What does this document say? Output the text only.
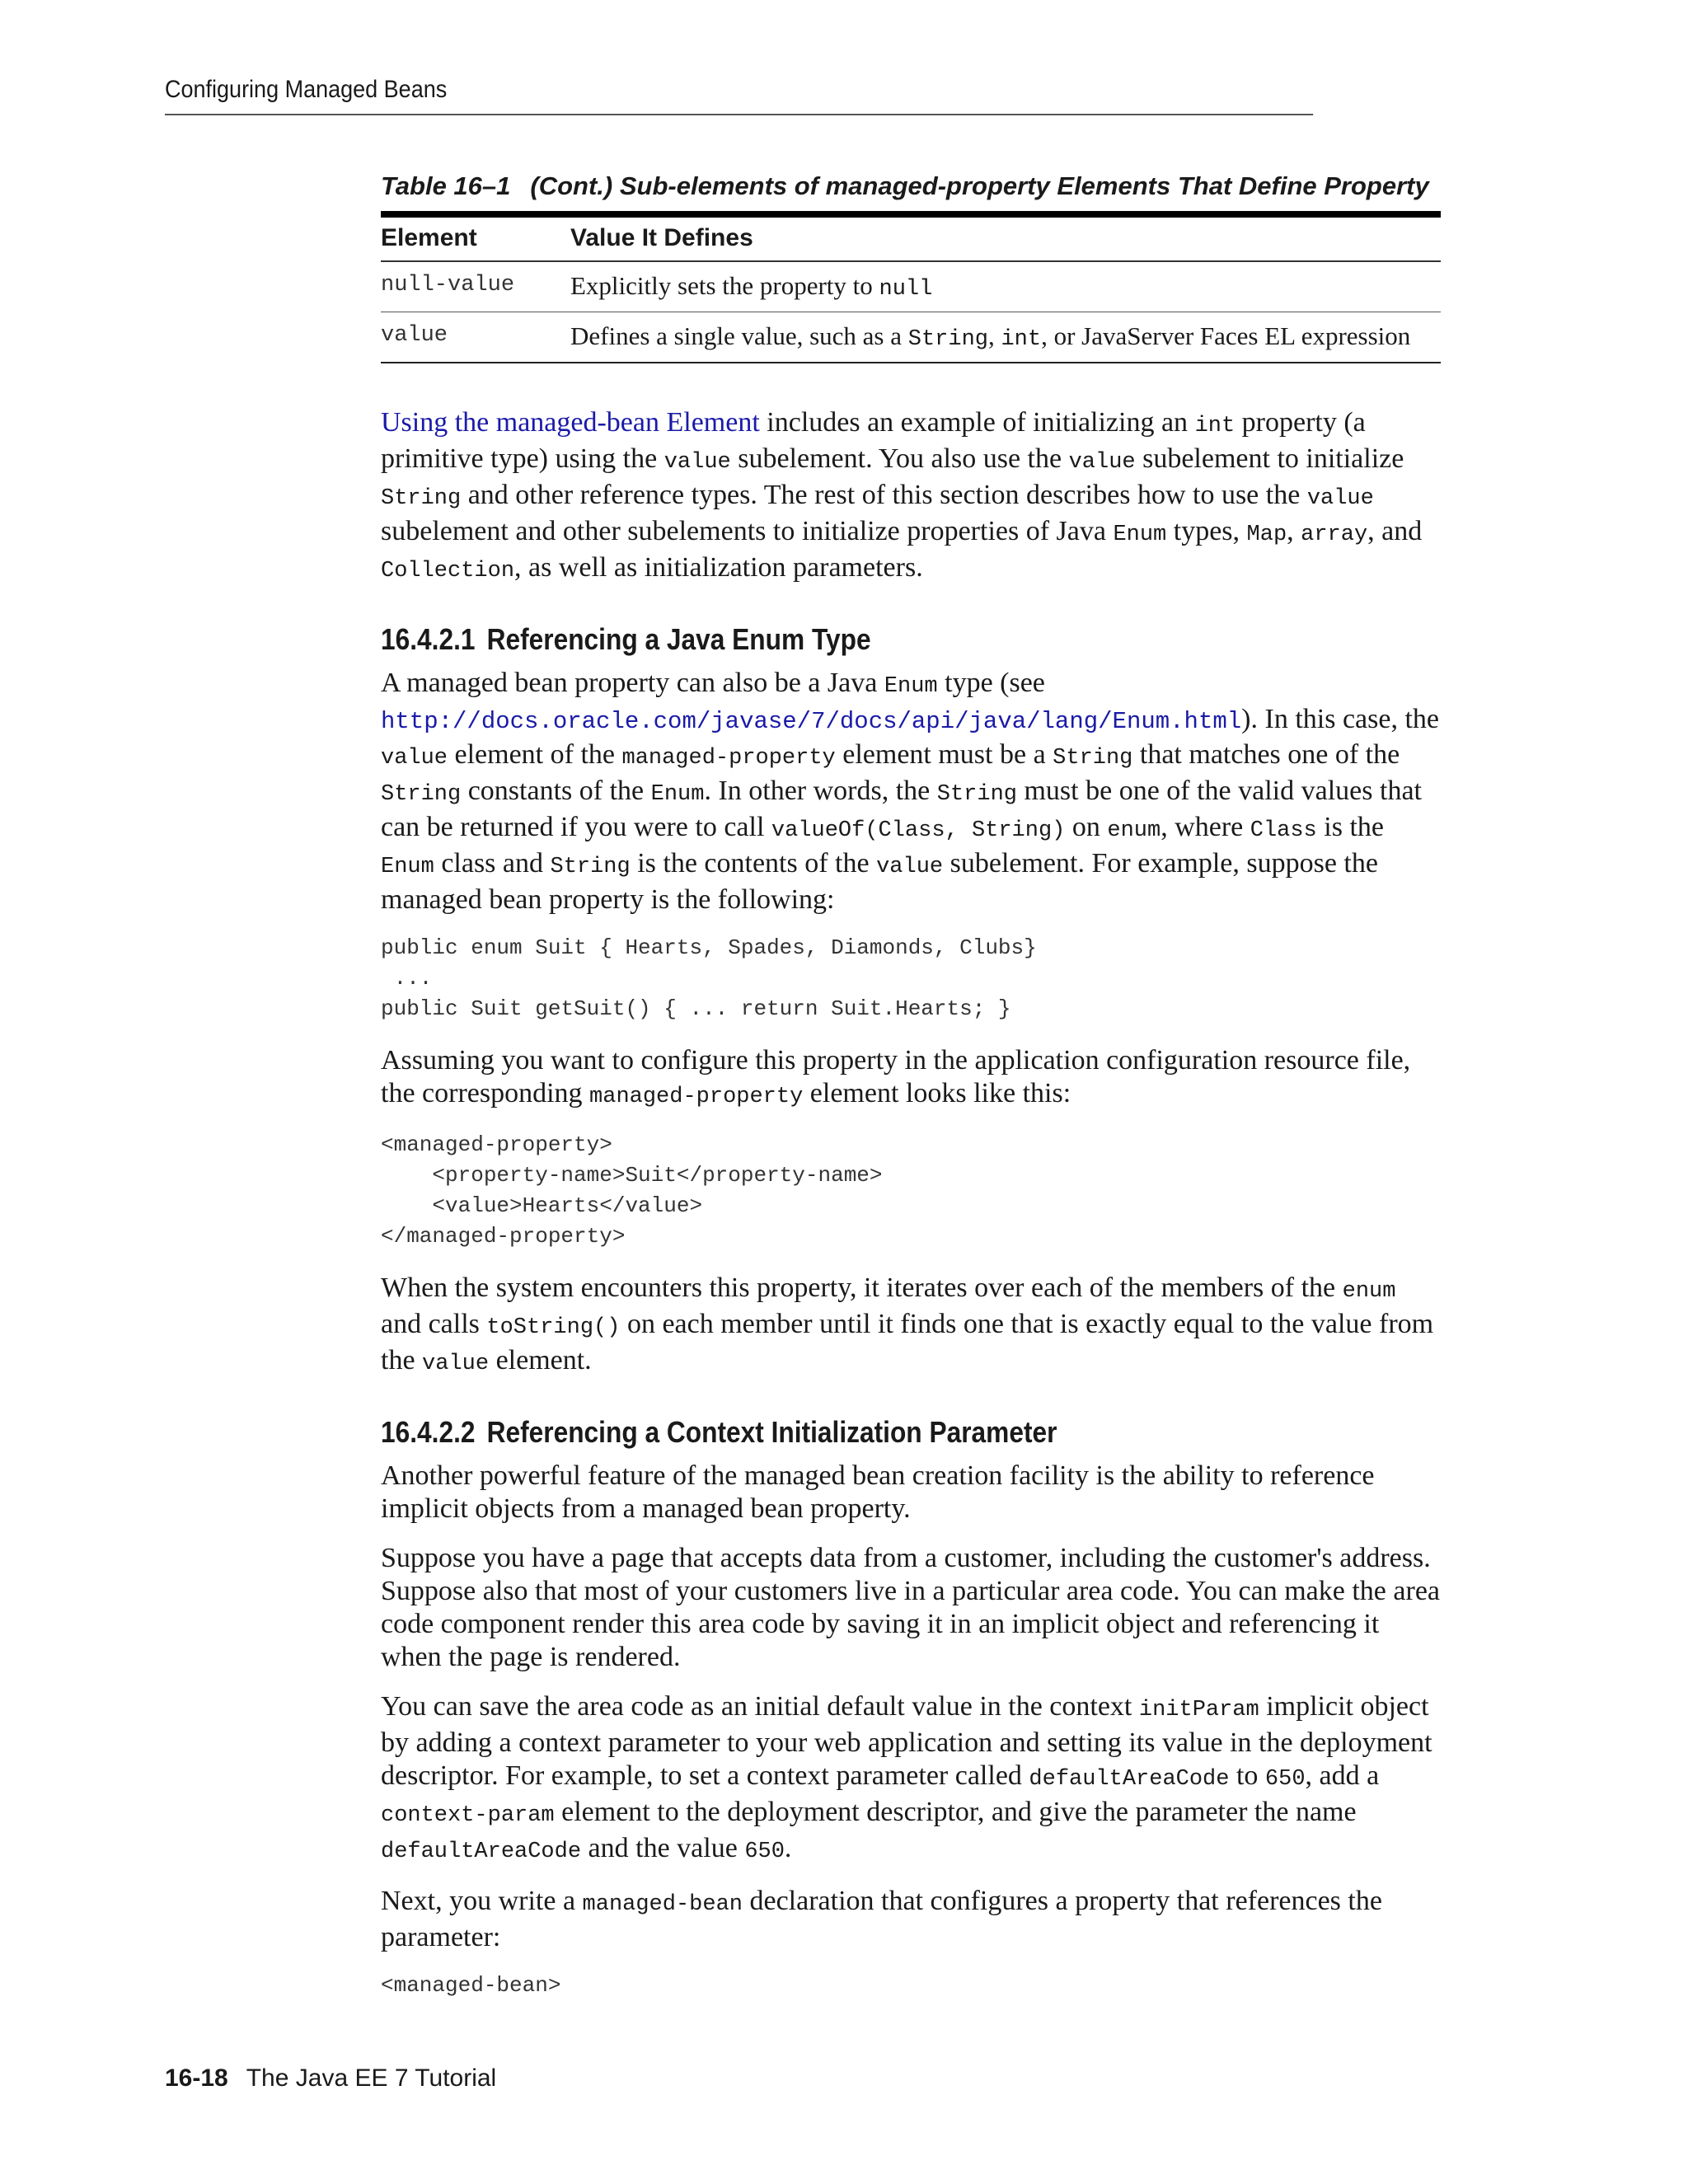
Configuring Managed Beans
Table 16–1 (Cont.) Sub-elements of managed-property Elements That Define Property
Element	Value It Defines
null-value	Explicitly sets the property to null
value	Defines a single value, such as a String, int, or JavaServer Faces EL expression

Using the managed-bean Element includes an example of initializing an int property (a primitive type) using the value subelement. You also use the value subelement to initialize String and other reference types. The rest of this section describes how to use the value subelement and other subelements to initialize properties of Java Enum types, Map, array, and Collection, as well as initialization parameters.

16.4.2.1 Referencing a Java Enum Type

A managed bean property can also be a Java Enum type (see
http://docs.oracle.com/javase/7/docs/api/java/lang/Enum.html). In this case, the value element of the managed-property element must be a String that matches one of the String constants of the Enum. In other words, the String must be one of the valid values that can be returned if you were to call valueOf(Class, String) on enum, where Class is the Enum class and String is the contents of the value subelement. For example, suppose the managed bean property is the following:

public enum Suit { Hearts, Spades, Diamonds, Clubs}
...
public Suit getSuit() { ... return Suit.Hearts; }

Assuming you want to configure this property in the application configuration resource file, the corresponding managed-property element looks like this:

<managed-property>
<property-name>Suit</property-name>
<value>Hearts</value>
</managed-property>

When the system encounters this property, it iterates over each of the members of the enum and calls toString() on each member until it finds one that is exactly equal to the value from the value element.

16.4.2.2 Referencing a Context Initialization Parameter

Another powerful feature of the managed bean creation facility is the ability to reference implicit objects from a managed bean property.

Suppose you have a page that accepts data from a customer, including the customer's address. Suppose also that most of your customers live in a particular area code. You can make the area code component render this area code by saving it in an implicit object and referencing it when the page is rendered.

You can save the area code as an initial default value in the context initParam implicit object by adding a context parameter to your web application and setting its value in the deployment descriptor. For example, to set a context parameter called defaultAreaCode to 650, add a context-param element to the deployment descriptor, and give the parameter the name defaultAreaCode and the value 650.

Next, you write a managed-bean declaration that configures a property that references the parameter:

<managed-bean>
16-18 The Java EE 7 Tutorial
